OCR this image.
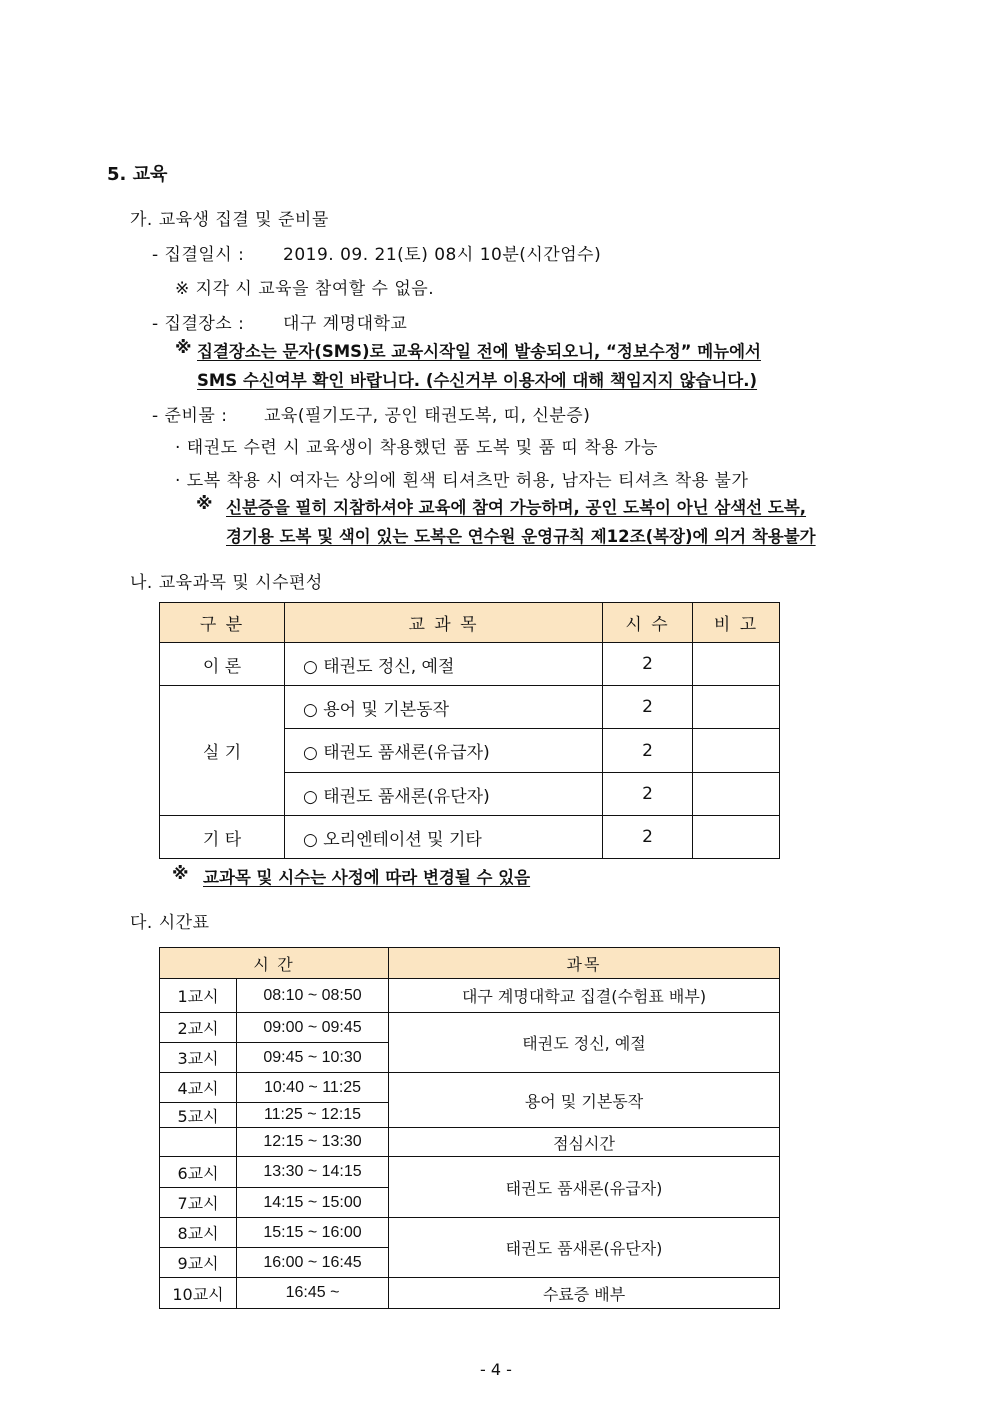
5. 교육
가. 교육생 집결 및 준비물
- 집결일시 : 2019. 09. 21(토) 08시 10분(시간엄수)
※ 지각 시 교육을 참여할 수 없음.
- 집결장소 : 대구 계명대학교
※ 집결장소는 문자(SMS)로 교육시작일 전에 발송되오니, “정보수정” 메뉴에서
SMS 수신여부 확인 바랍니다. (수신거부 이용자에 대해 책임지지 않습니다.)
- 준비물 : 교육(필기도구, 공인 태권도복, 띠, 신분증)
· 태권도 수련 시 교육생이 착용했던 품 도복 및 품 띠 착용 가능
· 도복 착용 시 여자는 상의에 흰색 티셔츠만 허용, 남자는 티셔츠 착용 불가
※ 신분증을 필히 지참하셔야 교육에 참여 가능하며, 공인 도복이 아닌 삼색선 도복,
경기용 도복 및 색이 있는 도복은 연수원 운영규칙 제12조(복장)에 의거 착용불가
나. 교육과목 및 시수편성
구 분	교 과 목	시 수	비 고
이 론	○ 태권도 정신, 예절	2	
실 기	○ 용어 및 기본동작	2	
	○ 태권도 품새론(유급자)	2	
	○ 태권도 품새론(유단자)	2	
기 타	○ 오리엔테이션 및 기타	2	
※ 교과목 및 시수는 사정에 따라 변경될 수 있음
다. 시간표
시 간		과목
1교시	08:10 ~ 08:50	대구 계명대학교 집결(수험표 배부)
2교시	09:00 ~ 09:45	태권도 정신, 예절
3교시	09:45 ~ 10:30	
4교시	10:40 ~ 11:25	용어 및 기본동작
5교시	11:25 ~ 12:15	
	12:15 ~ 13:30	점심시간
6교시	13:30 ~ 14:15	태권도 품새론(유급자)
7교시	14:15 ~ 15:00	
8교시	15:15 ~ 16:00	태권도 품새론(유단자)
9교시	16:00 ~ 16:45	
10교시	16:45 ~	수료증 배부
- 4 -
